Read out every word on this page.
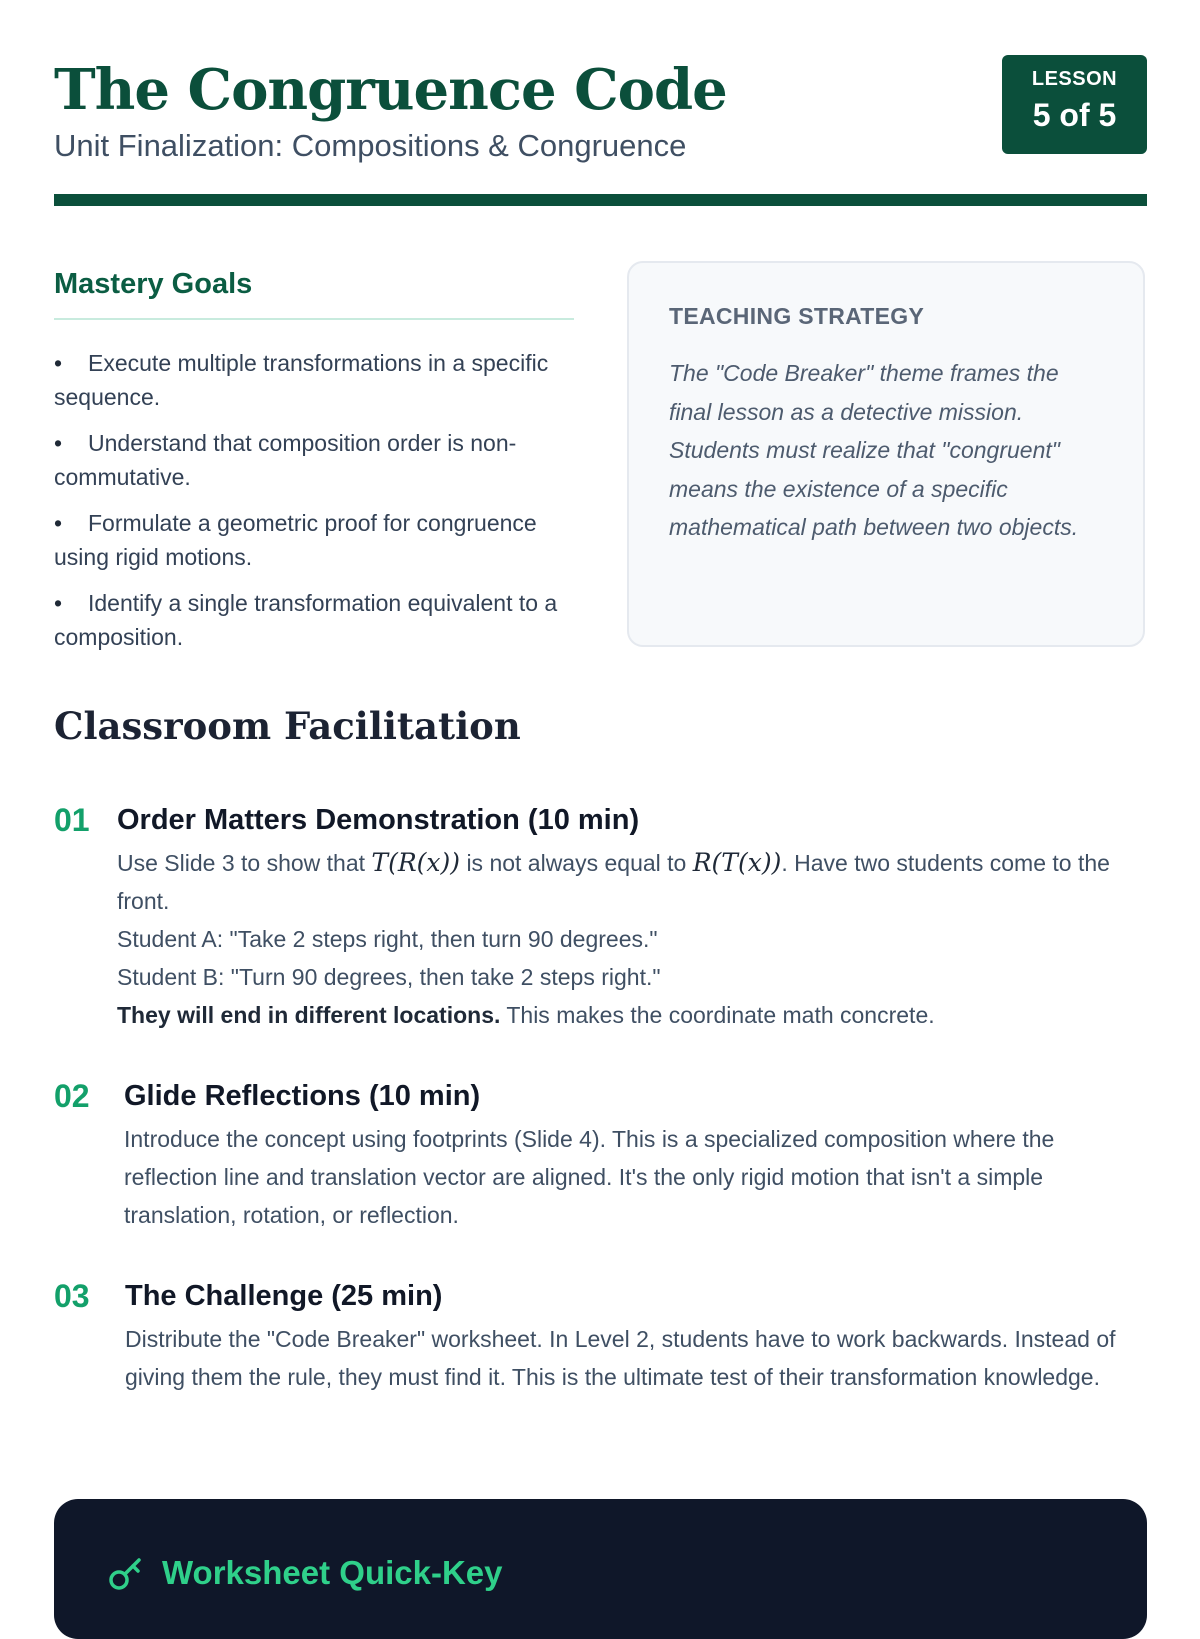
The Congruence Code

Unit Finalization: Compositions & Congruence

LESSON
5 of 5
Mastery Goals
• Execute multiple transformations in a specific sequence.
• Understand that composition order is non-commutative.
• Formulate a geometric proof for congruence using rigid motions.
• Identify a single transformation equivalent to a composition.
TEACHING STRATEGY

The "Code Breaker" theme frames the final lesson as a detective mission. Students must realize that "congruent" means the existence of a specific mathematical path between two objects.

Classroom Facilitation
01 Order Matters Demonstration (10 min)

Use Slide 3 to show that T(R(x)) is not always equal to R(T(x)). Have two students come to the front.
Student A: "Take 2 steps right, then turn 90 degrees."
Student B: "Turn 90 degrees, then take 2 steps right."
They will end in different locations. This makes the coordinate math concrete.

02 Glide Reflections (10 min)

Introduce the concept using footprints (Slide 4). This is a specialized composition where the reflection line and translation vector are aligned. It's the only rigid motion that isn't a simple translation, rotation, or reflection.

03 The Challenge (25 min)

Distribute the "Code Breaker" worksheet. In Level 2, students have to work backwards. Instead of giving them the rule, they must find it. This is the ultimate test of their transformation knowledge.

Worksheet Quick-Key
